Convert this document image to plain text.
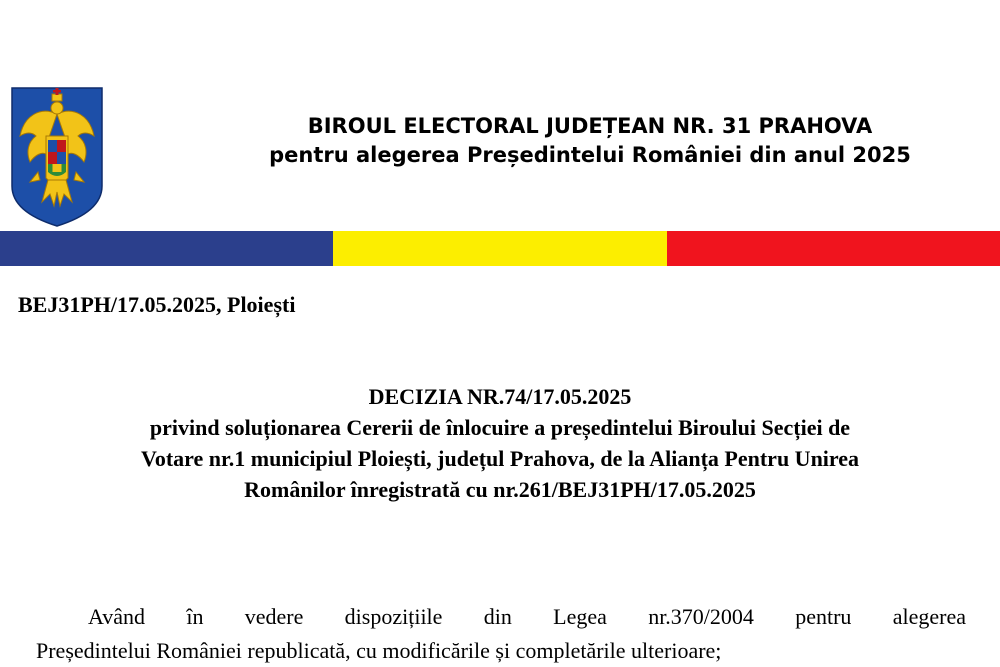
BIROUL ELECTORAL JUDEȚEAN NR. 31 PRAHOVA
pentru alegerea Președintelui României din anul 2025
BEJ31PH/17.05.2025, Ploiești
DECIZIA NR.74/17.05.2025
privind soluționarea Cererii de înlocuire a președintelui Biroului Secției de
Votare nr.1 municipiul Ploiești, județul Prahova, de la Alianța Pentru Unirea
Românilor înregistrată cu nr.261/BEJ31PH/17.05.2025
Având în vedere dispozițiile din Legea nr.370/2004 pentru alegerea
Președintelui României republicată, cu modificările și completările ulterioare;
